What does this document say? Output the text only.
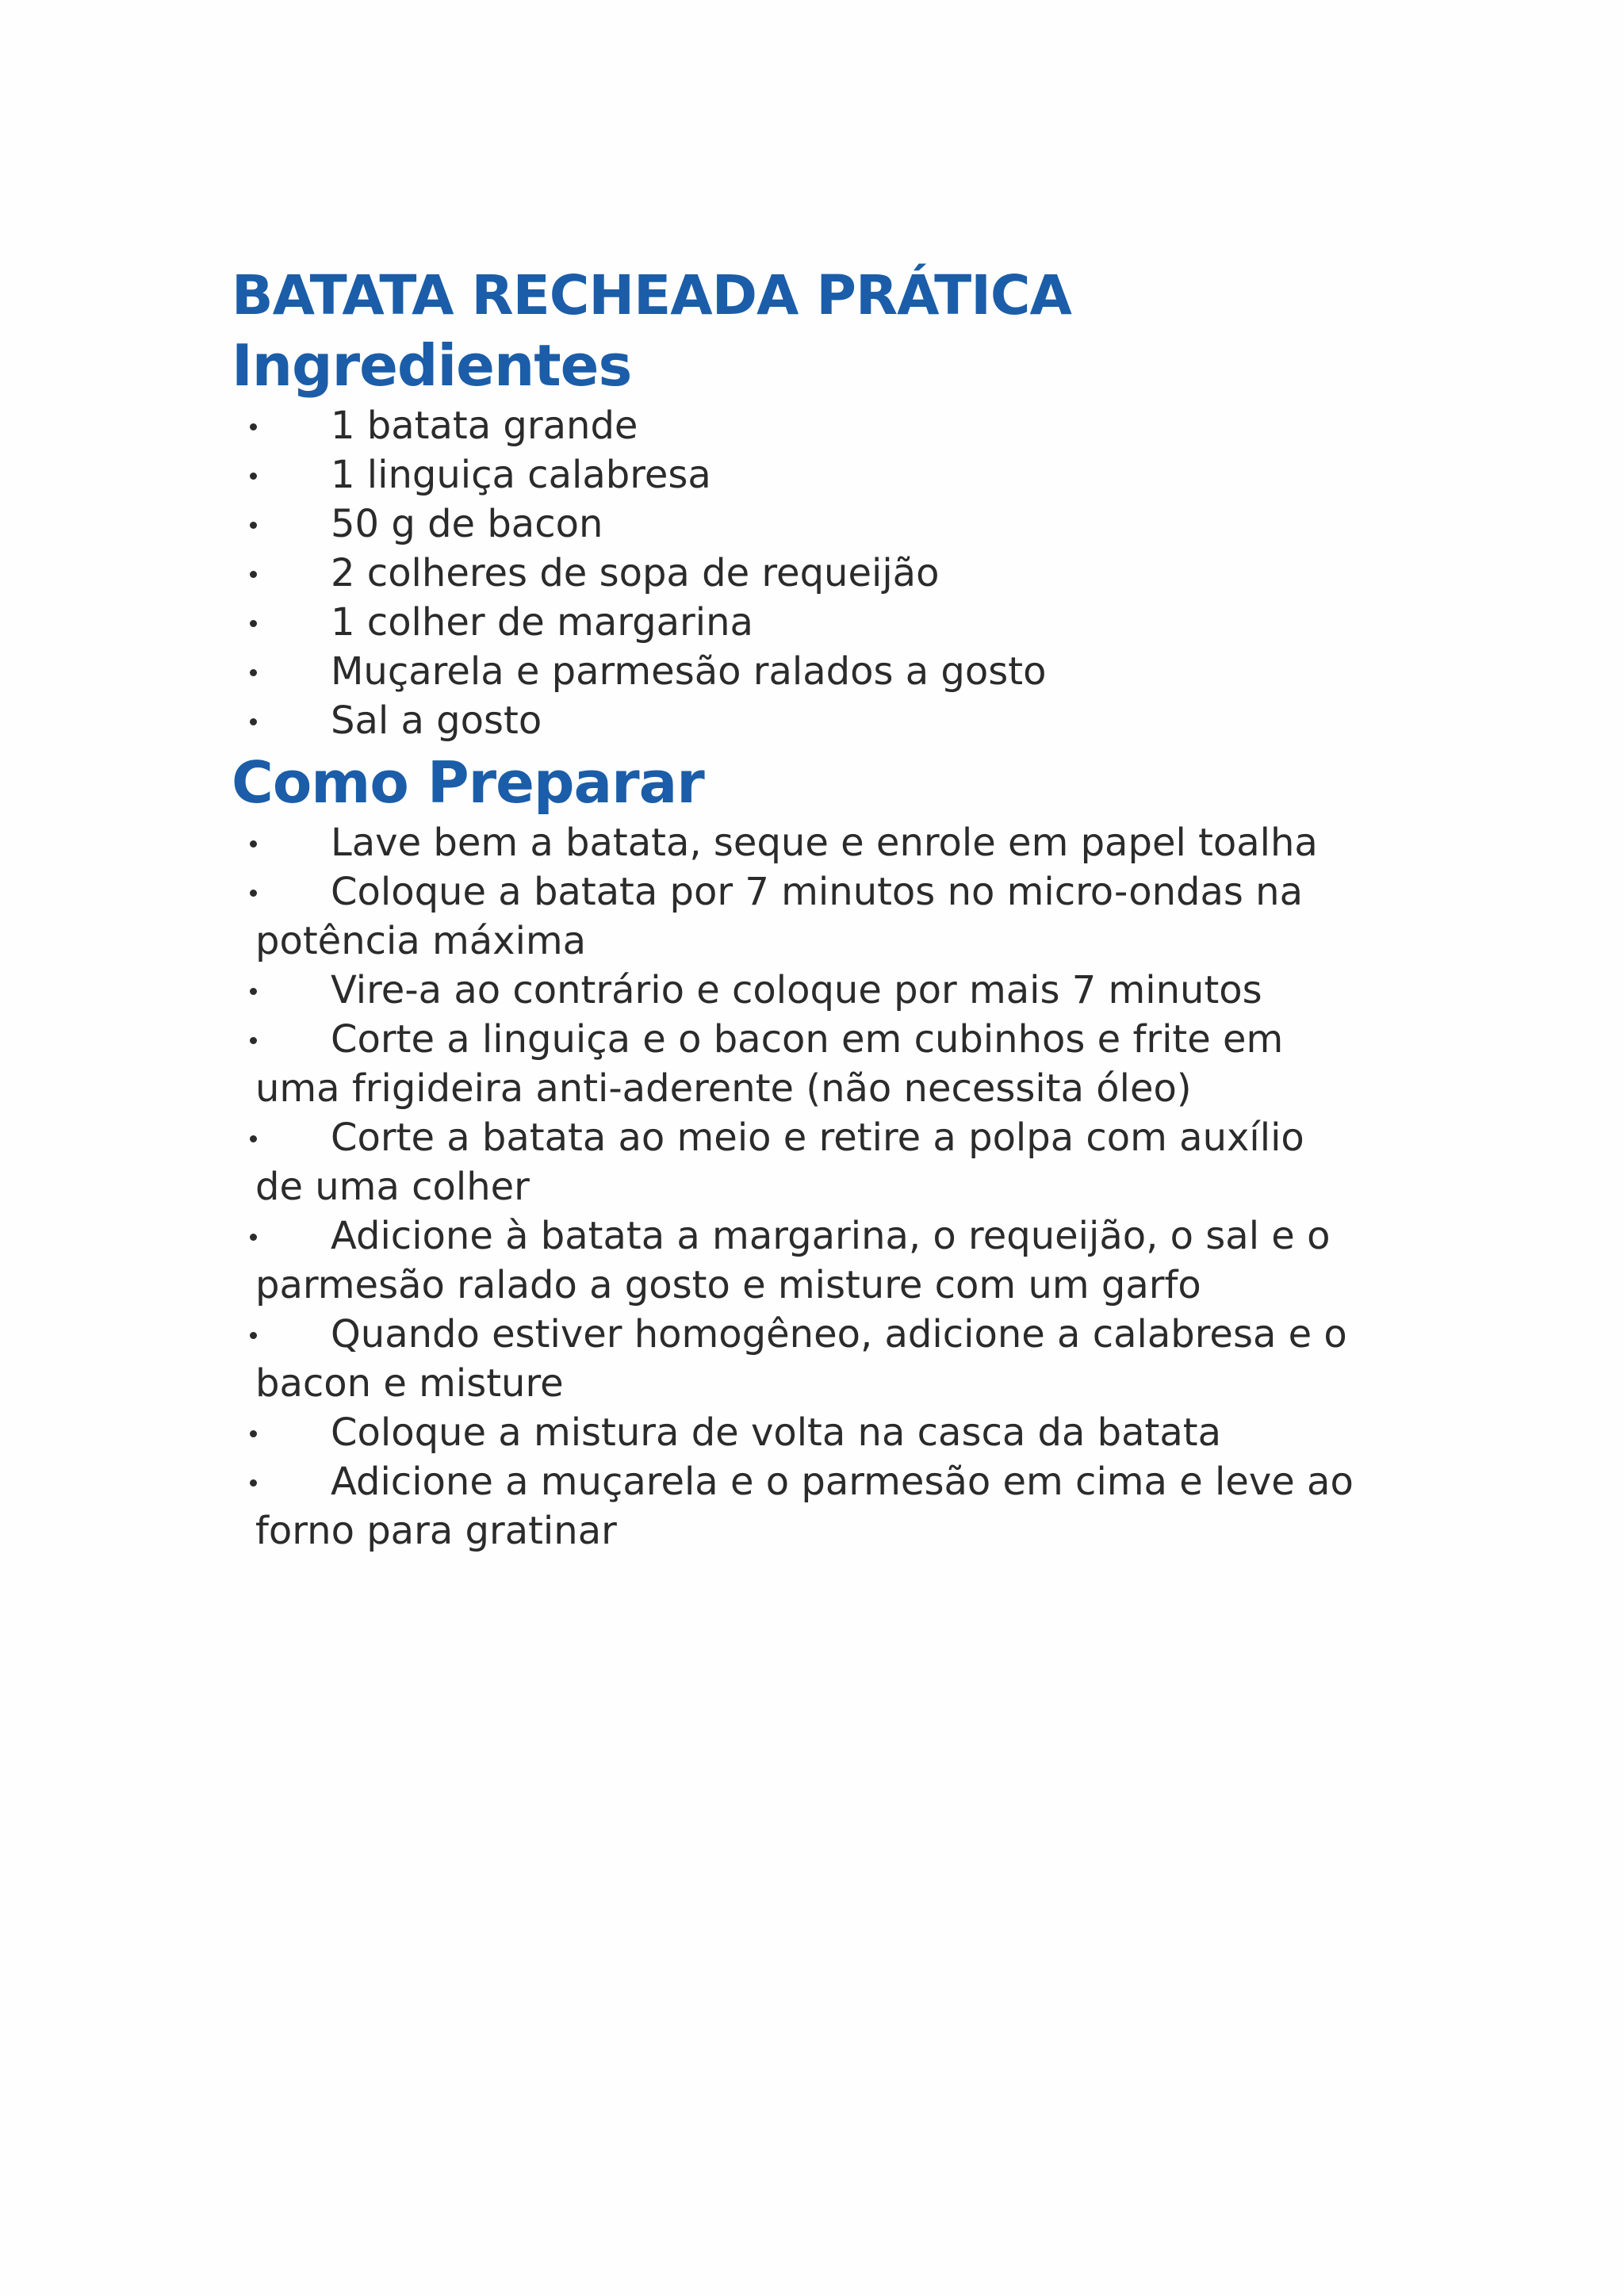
BATATA RECHEADA PRÁTICA
Ingredientes
1 batata grande
1 linguiça calabresa
50 g de bacon
2 colheres de sopa de requeijão
1 colher de margarina
Muçarela e parmesão ralados a gosto
Sal a gosto
Como Preparar
Lave bem a batata, seque e enrole em papel toalha
Coloque a batata por 7 minutos no micro-ondas na potência máxima
Vire-a ao contrário e coloque por mais 7 minutos
Corte a linguiça e o bacon em cubinhos e frite em uma frigideira anti-aderente (não necessita óleo)
Corte a batata ao meio e retire a polpa com auxílio de uma colher
Adicione à batata a margarina, o requeijão, o sal e o parmesão ralado a gosto e misture com um garfo
Quando estiver homogêneo, adicione a calabresa e o bacon e misture
Coloque a mistura de volta na casca da batata
Adicione a muçarela e o parmesão em cima e leve ao forno para gratinar
